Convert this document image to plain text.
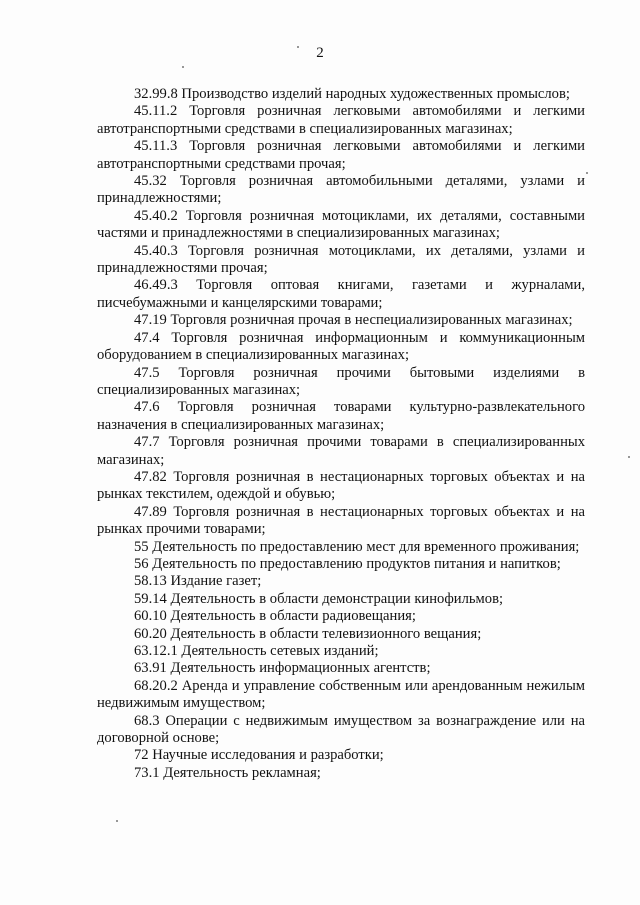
2

32.99.8 Производство изделий народных художественных промыслов;

45.11.2 Торговля розничная легковыми автомобилями и легкими автотранспортными средствами в специализированных магазинах;

45.11.3 Торговля розничная легковыми автомобилями и легкими автотранспортными средствами прочая;

45.32 Торговля розничная автомобильными деталями, узлами и принадлежностями;

45.40.2 Торговля розничная мотоциклами, их деталями, составными частями и принадлежностями в специализированных магазинах;

45.40.3 Торговля розничная мотоциклами, их деталями, узлами и принадлежностями прочая;

46.49.3 Торговля оптовая книгами, газетами и журналами, писчебумажными и канцелярскими товарами;

47.19 Торговля розничная прочая в неспециализированных магазинах;

47.4 Торговля розничная информационным и коммуникационным оборудованием в специализированных магазинах;

47.5 Торговля розничная прочими бытовыми изделиями в специализированных магазинах;

47.6 Торговля розничная товарами культурно-развлекательного назначения в специализированных магазинах;

47.7 Торговля розничная прочими товарами в специализированных магазинах;

47.82 Торговля розничная в нестационарных торговых объектах и на рынках текстилем, одеждой и обувью;

47.89 Торговля розничная в нестационарных торговых объектах и на рынках прочими товарами;

55 Деятельность по предоставлению мест для временного проживания;

56 Деятельность по предоставлению продуктов питания и напитков;

58.13 Издание газет;

59.14 Деятельность в области демонстрации кинофильмов;

60.10 Деятельность в области радиовещания;

60.20 Деятельность в области телевизионного вещания;

63.12.1 Деятельность сетевых изданий;

63.91 Деятельность информационных агентств;

68.20.2 Аренда и управление собственным или арендованным нежилым недвижимым имуществом;

68.3 Операции с недвижимым имуществом за вознаграждение или на договорной основе;

72 Научные исследования и разработки;

73.1 Деятельность рекламная;
